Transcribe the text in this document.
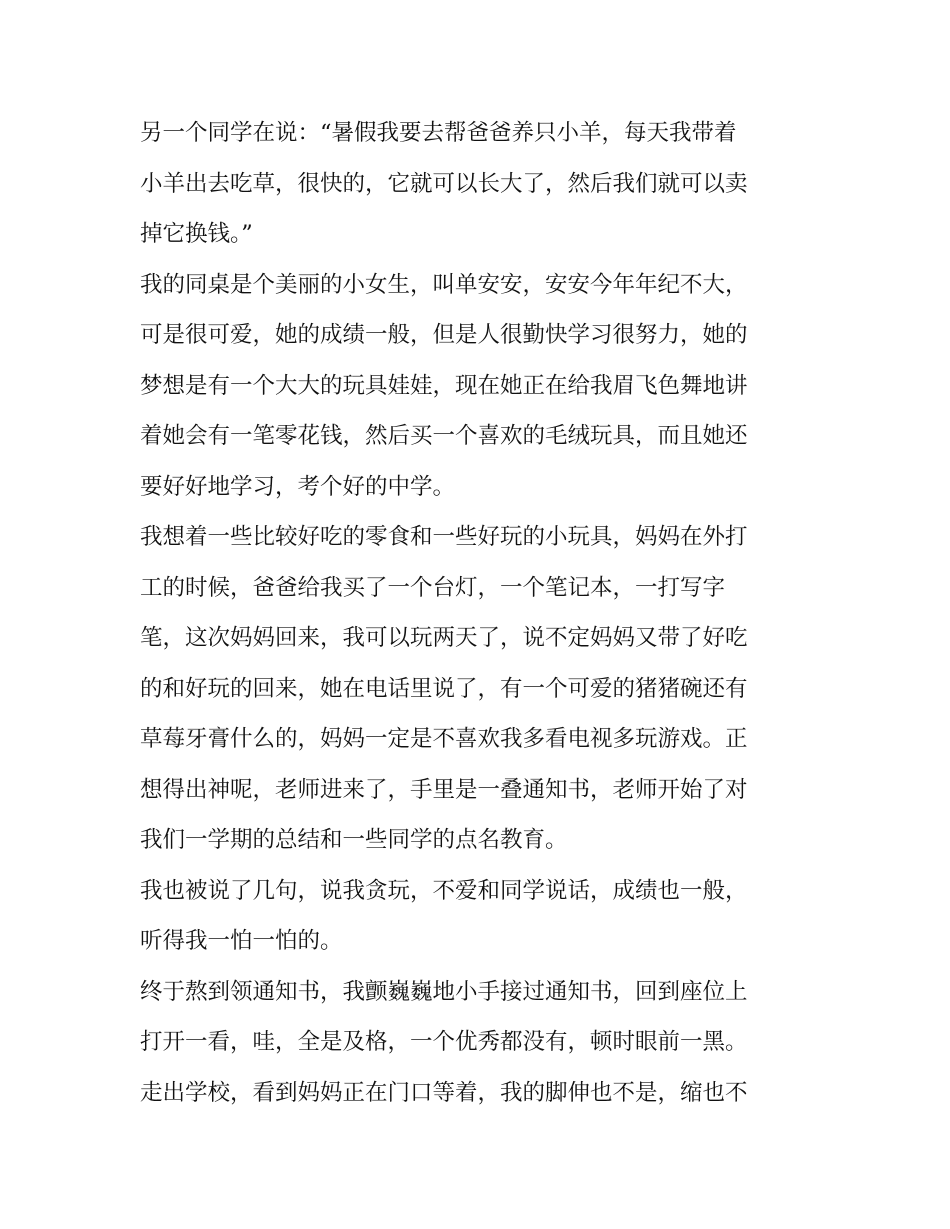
另一个同学在说：“暑假我要去帮爸爸养只小羊，每天我带着
小羊出去吃草，很快的，它就可以长大了，然后我们就可以卖
掉它换钱。”
我的同桌是个美丽的小女生，叫单安安，安安今年年纪不大，
可是很可爱，她的成绩一般，但是人很勤快学习很努力，她的
梦想是有一个大大的玩具娃娃，现在她正在给我眉飞色舞地讲
着她会有一笔零花钱，然后买一个喜欢的毛绒玩具，而且她还
要好好地学习，考个好的中学。
我想着一些比较好吃的零食和一些好玩的小玩具，妈妈在外打
工的时候，爸爸给我买了一个台灯，一个笔记本，一打写字
笔，这次妈妈回来，我可以玩两天了，说不定妈妈又带了好吃
的和好玩的回来，她在电话里说了，有一个可爱的猪猪碗还有
草莓牙膏什么的，妈妈一定是不喜欢我多看电视多玩游戏。正
想得出神呢，老师进来了，手里是一叠通知书，老师开始了对
我们一学期的总结和一些同学的点名教育。
我也被说了几句，说我贪玩，不爱和同学说话，成绩也一般，
听得我一怕一怕的。
终于熬到领通知书，我颤巍巍地小手接过通知书，回到座位上
打开一看，哇，全是及格，一个优秀都没有，顿时眼前一黑。
走出学校，看到妈妈正在门口等着，我的脚伸也不是，缩也不
